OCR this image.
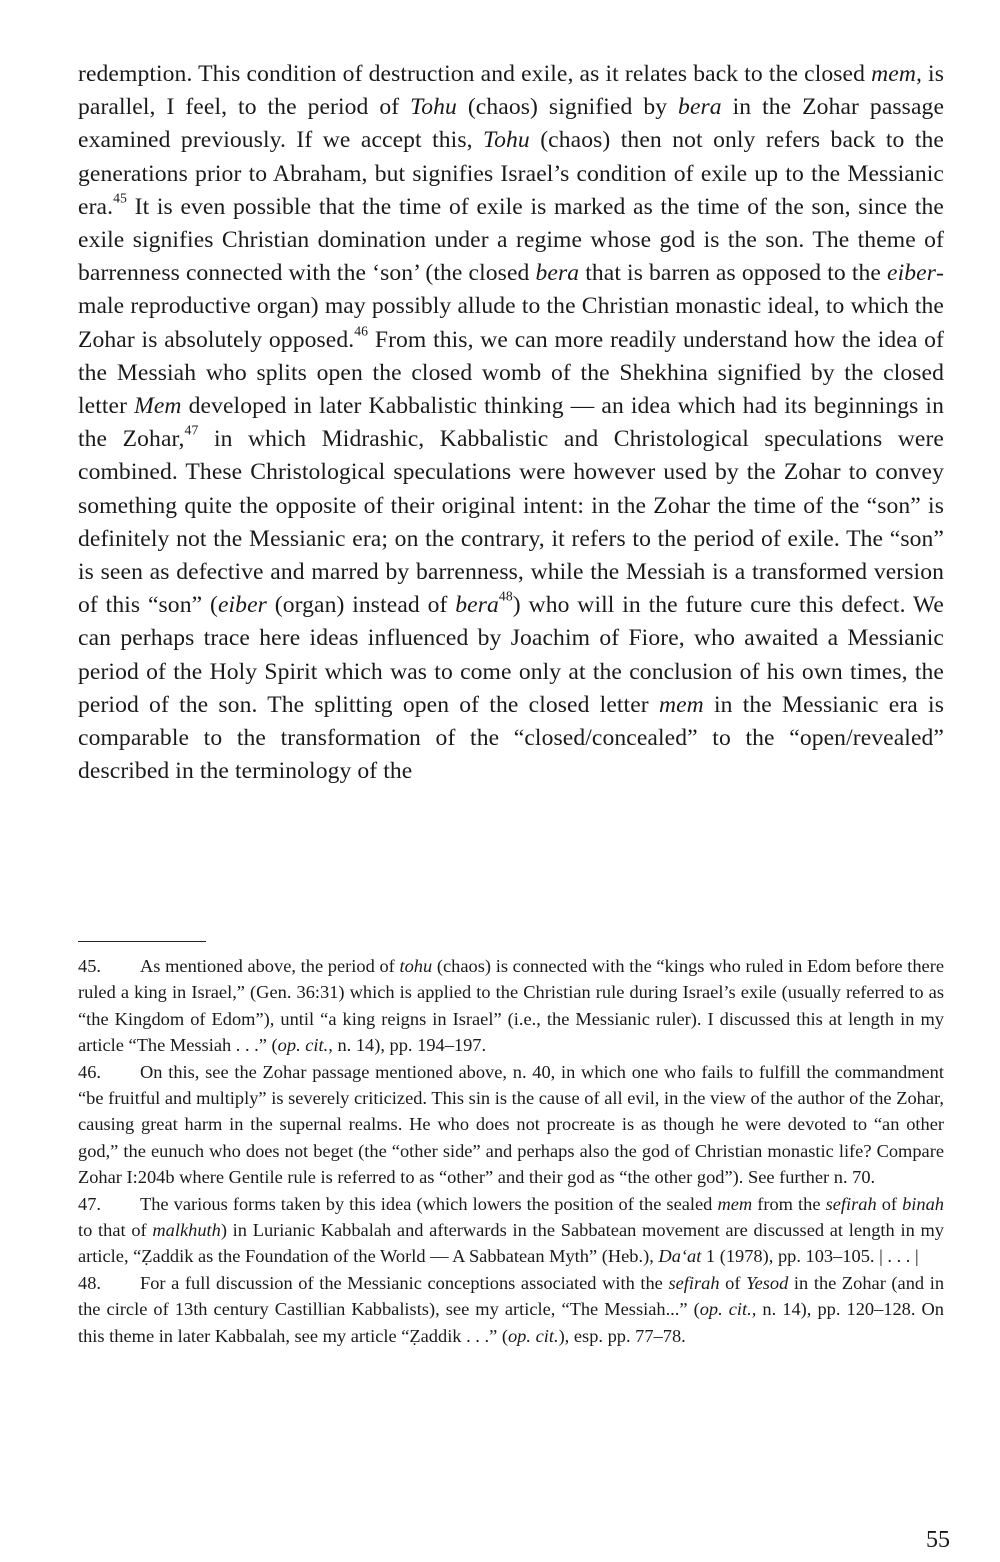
redemption. This condition of destruction and exile, as it relates back to the closed mem, is parallel, I feel, to the period of Tohu (chaos) signified by bera in the Zohar passage examined previously. If we accept this, Tohu (chaos) then not only refers back to the generations prior to Abraham, but signifies Israel’s condition of exile up to the Messianic era.$^{45}$ It is even possible that the time of exile is marked as the time of the son, since the exile signifies Christian domination under a regime whose god is the son. The theme of barrenness connected with the ‘son’ (the closed bera that is barren as opposed to the eiber-male reproductive organ) may possibly allude to the Christian monastic ideal, to which the Zohar is absolutely opposed.$^{46}$ From this, we can more readily understand how the idea of the Messiah who splits open the closed womb of the Shekhina signified by the closed letter Mem developed in later Kabbalistic thinking — an idea which had its beginnings in the Zohar,$^{47}$ in which Midrashic, Kabbalistic and Christological speculations were combined. These Christological speculations were however used by the Zohar to convey something quite the opposite of their original intent: in the Zohar the time of the “son” is definitely not the Messianic era; on the contrary, it refers to the period of exile. The “son” is seen as defective and marred by barrenness, while the Messiah is a transformed version of this “son” (eiber (organ) instead of bera$^{48}$) who will in the future cure this defect. We can perhaps trace here ideas influenced by Joachim of Fiore, who awaited a Messianic period of the Holy Spirit which was to come only at the conclusion of his own times, the period of the son. The splitting open of the closed letter mem in the Messianic era is comparable to the transformation of the “closed/concealed” to the “open/revealed” described in the terminology of the

45. As mentioned above, the period of tohu (chaos) is connected with the “kings who ruled in Edom before there ruled a king in Israel,” (Gen. 36:31) which is applied to the Christian rule during Israel’s exile (usually referred to as “the Kingdom of Edom”), until “a king reigns in Israel” (i.e., the Messianic ruler). I discussed this at length in my article “The Messiah . . .” (op. cit., n. 14), pp. 194–197.

46. On this, see the Zohar passage mentioned above, n. 40, in which one who fails to fulfill the commandment “be fruitful and multiply” is severely criticized. This sin is the cause of all evil, in the view of the author of the Zohar, causing great harm in the supernal realms. He who does not procreate is as though he were devoted to “an other god,” the eunuch who does not beget (the “other side” and perhaps also the god of Christian monastic life? Compare Zohar I:204b where Gentile rule is referred to as “other” and their god as “the other god”). See further n. 70.

47. The various forms taken by this idea (which lowers the position of the sealed mem from the sefirah of binah to that of malkhuth) in Lurianic Kabbalah and afterwards in the Sabbatean movement are discussed at length in my article, “Ẓaddik as the Foundation of the World — A Sabbatean Myth” (Heb.), Da‘at 1 (1978), pp. 103–105. | . . . |

48. For a full discussion of the Messianic conceptions associated with the sefirah of Yesod in the Zohar (and in the circle of 13th century Castillian Kabbalists), see my article, “The Messiah...” (op. cit., n. 14), pp. 120–128. On this theme in later Kabbalah, see my article “Ẓaddik . . .” (op. cit.), esp. pp. 77–78.

55
